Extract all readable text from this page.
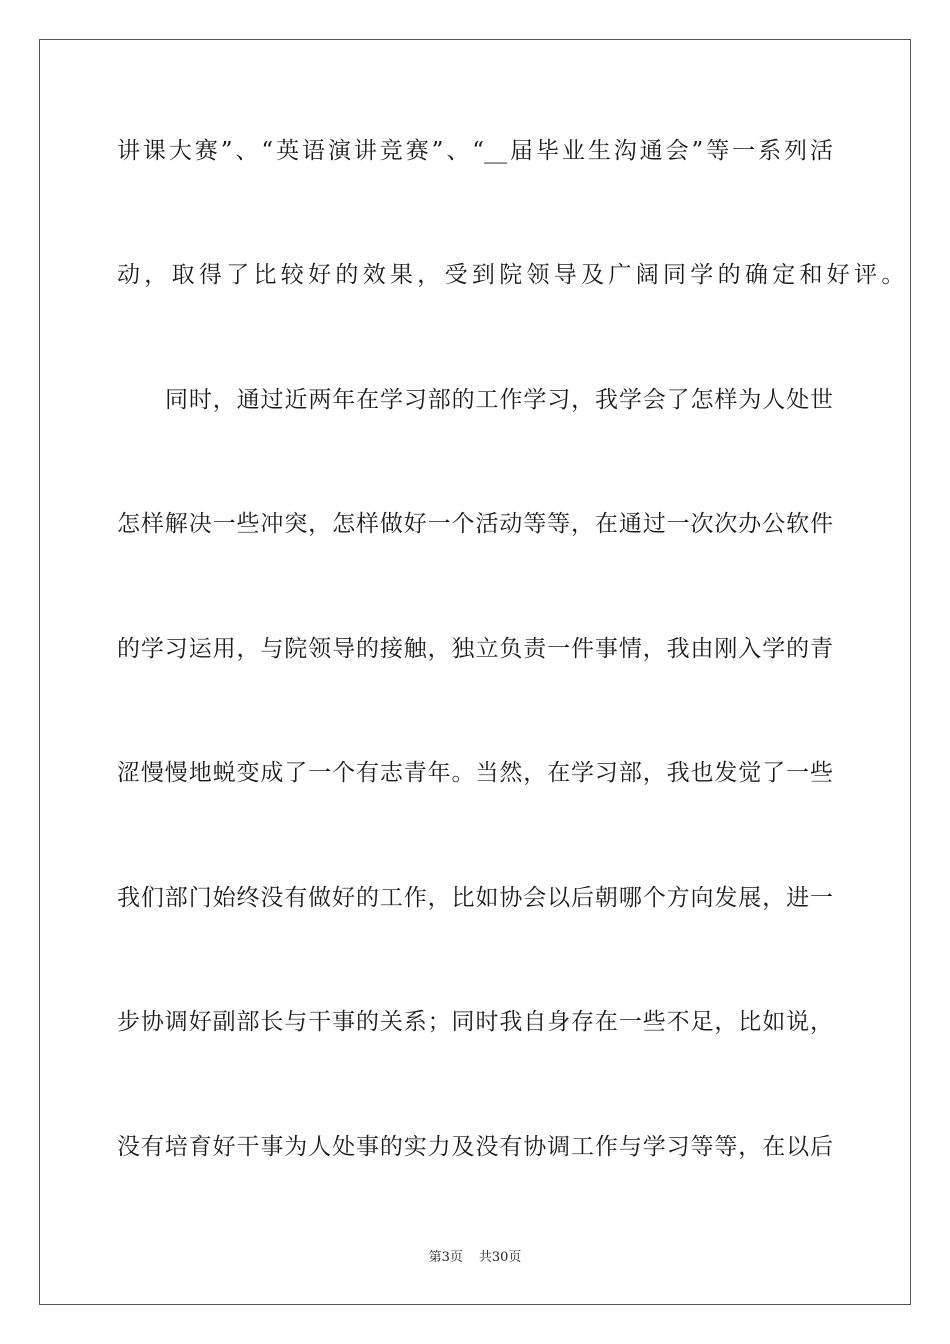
讲课大赛”、“英语演讲竞赛”、“__届毕业生沟通会”等一系列活
动，取得了比较好的效果，受到院领导及广阔同学的确定和好评。
同时，通过近两年在学习部的工作学习，我学会了怎样为人处世
怎样解决一些冲突，怎样做好一个活动等等，在通过一次次办公软件
的学习运用，与院领导的接触，独立负责一件事情，我由刚入学的青
涩慢慢地蜕变成了一个有志青年。当然，在学习部，我也发觉了一些
我们部门始终没有做好的工作，比如协会以后朝哪个方向发展，进一
步协调好副部长与干事的关系；同时我自身存在一些不足，比如说，
没有培育好干事为人处事的实力及没有协调工作与学习等等，在以后
第3页 共30页
